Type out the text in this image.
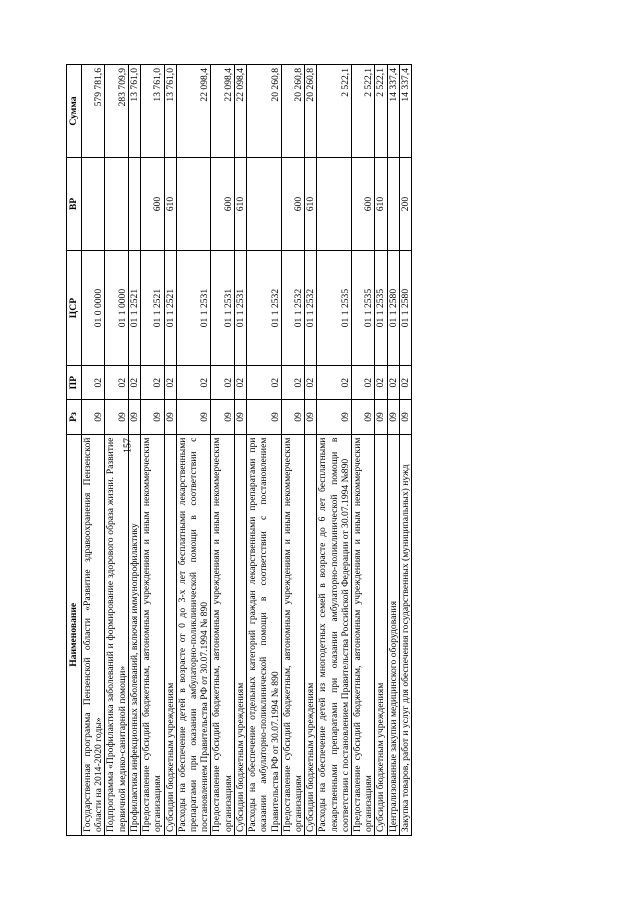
157
Наименование	Рз	ПР	ЦСР	ВР	Сумма
Государственная программа Пензенской области «Развитие здравоохранения Пензенской области на 2014-2020 годы»	09	02	01 0 0000		579 781,6
Подпрограмма «Профилактика заболеваний и формирование здорового образа жизни. Развитие первичной медико-санитарной помощи»	09	02	01 1 0000		283 709,9
Профилактика инфекционных заболеваний, включая иммунопрофилактику	09	02	01 1 2521		13 761,0
Предоставление субсидий бюджетным, автономным учреждениям и иным некоммерческим организациям	09	02	01 1 2521	600	13 761,0
Субсидии бюджетным учреждениям	09	02	01 1 2521	610	13 761,0
Расходы на обеспечение детей в возрасте от 0 до 3-х лет бесплатными лекарственными препаратами при оказании амбулаторно-поликлинической помощи в соответствии с постановлением Правительства РФ от 30.07.1994 № 890	09	02	01 1 2531		22 098,4
Предоставление субсидий бюджетным, автономным учреждениям и иным некоммерческим организациям	09	02	01 1 2531	600	22 098,4
Субсидии бюджетным учреждениям	09	02	01 1 2531	610	22 098,4
Расходы на обеспечение отдельных категорий граждан лекарственными препаратами при оказании амбулаторно-поликлинической помощи в соответствии с постановлением Правительства РФ от 30.07.1994 № 890	09	02	01 1 2532		20 260,8
Предоставление субсидий бюджетным, автономным учреждениям и иным некоммерческим организациям	09	02	01 1 2532	600	20 260,8
Субсидии бюджетным учреждениям	09	02	01 1 2532	610	20 260,8
Расходы на обеспечение детей из многодетных семей в возрасте до 6 лет бесплатными лекарственными препаратами при оказании амбулаторно-поликлинической помощи в соответствии с постановлением Правительства Российской Федерации от 30.07.1994 №890	09	02	01 1 2535		2 522,1
Предоставление субсидий бюджетным, автономным учреждениям и иным некоммерческим организациям	09	02	01 1 2535	600	2 522,1
Субсидии бюджетным учреждениям	09	02	01 1 2535	610	2 522,1
Централизованные закупки медицинского оборудования	09	02	01 1 2580		14 337,4
Закупка товаров, работ и услуг для обеспечения государственных (муниципальных) нужд	09	02	01 1 2580	200	14 337,4
